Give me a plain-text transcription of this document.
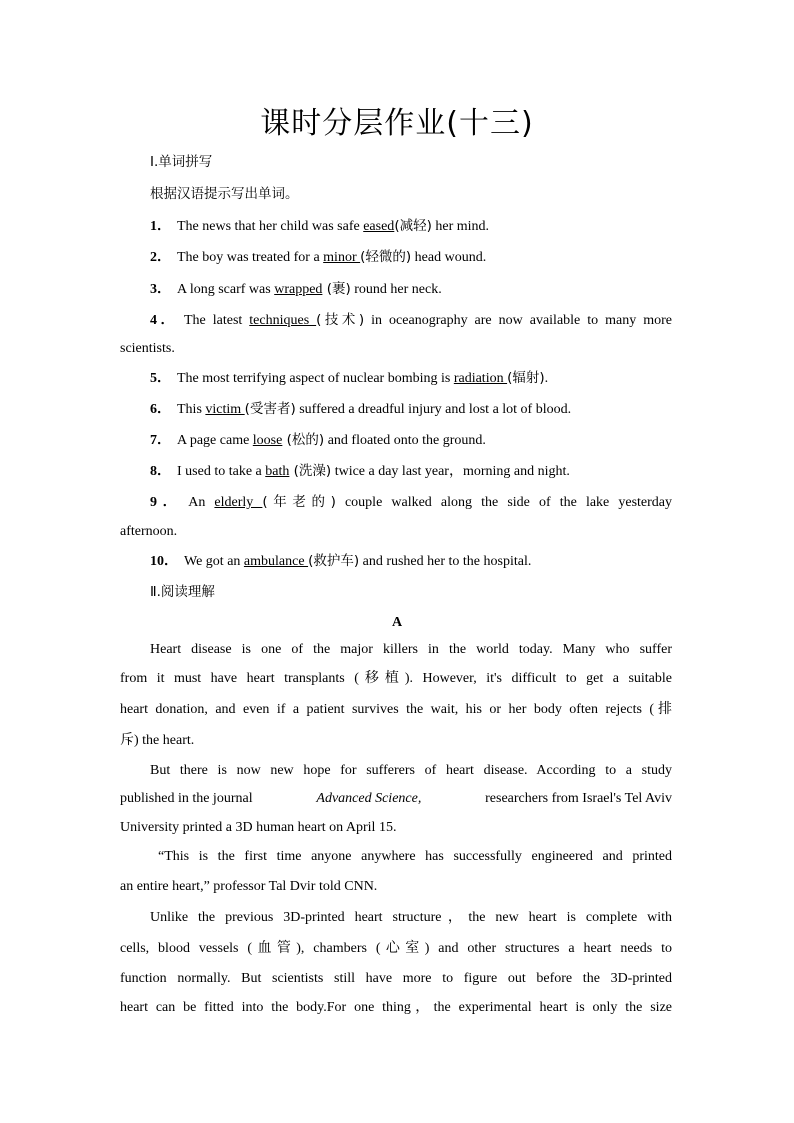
课时分层作业(十三)
Ⅰ.单词拼写
根据汉语提示写出单词。
1． The news that her child was safe eased(减轻) her mind.
2． The boy was treated for a minor (轻微的) head wound.
3． A long scarf was wrapped (裹) round her neck.
4． The latest techniques (技术) in oceanography are now available to many more
scientists.
5． The most terrifying aspect of nuclear bombing is radiation (辐射).
6． This victim (受害者) suffered a dreadful injury and lost a lot of blood.
7． A page came loose (松的) and floated onto the ground.
8． I used to take a bath (洗澡) twice a day last year，morning and night.
9． An elderly (年老的) couple walked along the side of the lake yesterday
afternoon.
10． We got an ambulance (救护车) and rushed her to the hospital.
Ⅱ.阅读理解
A
Heart disease is one of the major killers in the world today. Many who suffer
from it must have heart transplants (移植). However, it's difficult to get a suitable
heart donation, and even if a patient survives the wait, his or her body often rejects (排
斥) the heart.
But there is now new hope for sufferers of heart disease. According to a study
published in the journal	Advanced Science,	researchers from Israel's Tel Aviv
University printed a 3D human heart on April 15.
“This is the first time anyone anywhere has successfully engineered and printed
an entire heart,” professor Tal Dvir told CNN.
Unlike the previous 3D-printed heart structure，the new heart is complete with
cells, blood vessels (血管), chambers (心室) and other structures a heart needs to
function normally. But scientists still have more to figure out before the 3D-printed
heart can be fitted into the body.For one thing，the experimental heart is only the size
